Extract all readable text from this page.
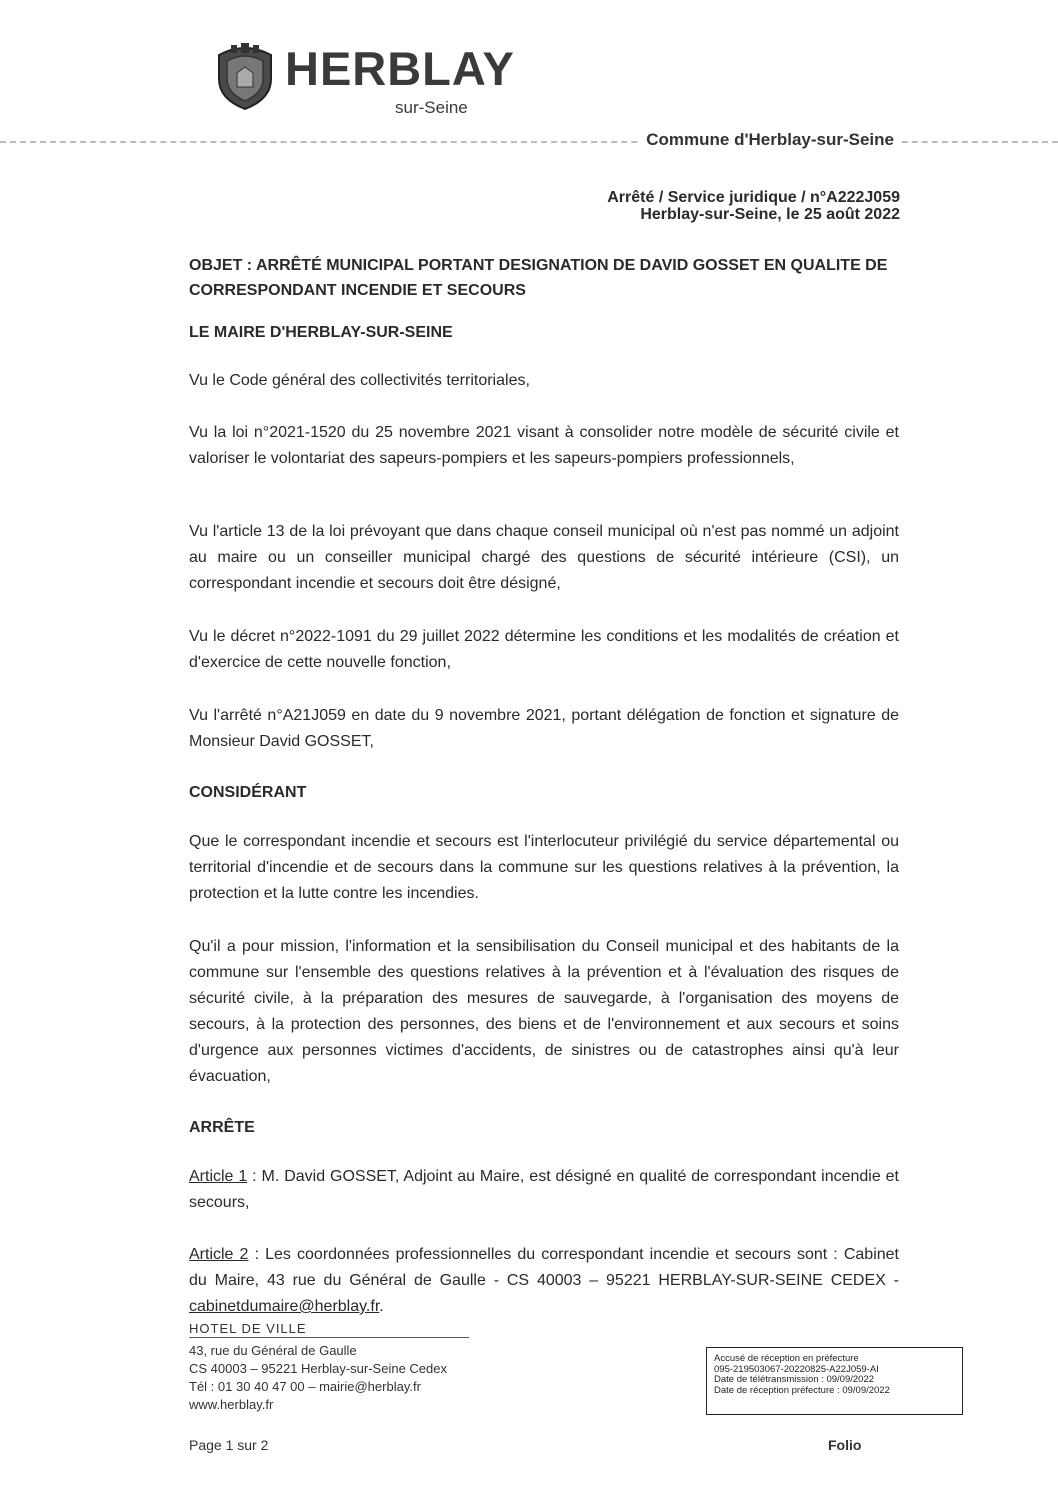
HERBLAY
sur-Seine
Commune d'Herblay-sur-Seine
Arrêté / Service juridique / n°A222J059
Herblay-sur-Seine, le 25 août 2022
OBJET : ARRÊTÉ MUNICIPAL PORTANT DESIGNATION DE DAVID GOSSET EN QUALITE DE CORRESPONDANT INCENDIE ET SECOURS
LE MAIRE D'HERBLAY-SUR-SEINE
Vu le Code général des collectivités territoriales,
Vu la loi n°2021-1520 du 25 novembre 2021 visant à consolider notre modèle de sécurité civile et valoriser le volontariat des sapeurs-pompiers et les sapeurs-pompiers professionnels,
Vu l'article 13 de la loi prévoyant que dans chaque conseil municipal où n'est pas nommé un adjoint au maire ou un conseiller municipal chargé des questions de sécurité intérieure (CSI), un correspondant incendie et secours doit être désigné,
Vu le décret n°2022-1091 du 29 juillet 2022 détermine les conditions et les modalités de création et d'exercice de cette nouvelle fonction,
Vu l'arrêté n°A21J059 en date du 9 novembre 2021, portant délégation de fonction et signature de Monsieur David GOSSET,
CONSIDÉRANT
Que le correspondant incendie et secours est l'interlocuteur privilégié du service départemental ou territorial d'incendie et de secours dans la commune sur les questions relatives à la prévention, la protection et la lutte contre les incendies.
Qu'il a pour mission, l'information et la sensibilisation du Conseil municipal et des habitants de la commune sur l'ensemble des questions relatives à la prévention et à l'évaluation des risques de sécurité civile, à la préparation des mesures de sauvegarde, à l'organisation des moyens de secours, à la protection des personnes, des biens et de l'environnement et aux secours et soins d'urgence aux personnes victimes d'accidents, de sinistres ou de catastrophes ainsi qu'à leur évacuation,
ARRÊTE
Article 1 : M. David GOSSET, Adjoint au Maire, est désigné en qualité de correspondant incendie et secours,
Article 2 : Les coordonnées professionnelles du correspondant incendie et secours sont : Cabinet du Maire, 43 rue du Général de Gaulle - CS 40003 – 95221 HERBLAY-SUR-SEINE CEDEX - cabinetdumaire@herblay.fr.
HOTEL DE VILLE
43, rue du Général de Gaulle
CS 40003 – 95221 Herblay-sur-Seine Cedex
Tél : 01 30 40 47 00 – mairie@herblay.fr
www.herblay.fr
Accusé de réception en préfecture
095-219503067-20220825-A22J059-AI
Date de télétransmission : 09/09/2022
Date de réception préfecture : 09/09/2022
Page 1 sur 2	Folio
